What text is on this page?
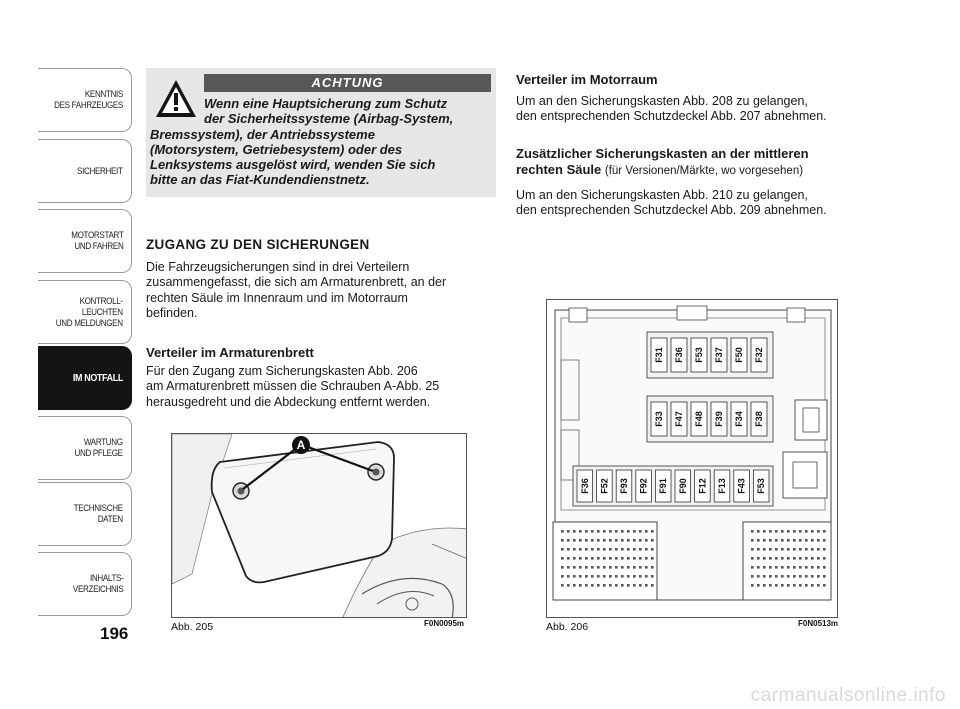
KENNTNIS
DES FAHRZEUGES
SICHERHEIT
MOTORSTART
UND FAHREN
KONTROLL-
LEUCHTEN
UND MELDUNGEN
IM NOTFALL
WARTUNG
UND PFLEGE
TECHNISCHE
DATEN
INHALTS-
VERZEICHNIS
196
ACHTUNG
Wenn eine Hauptsicherung zum Schutz
der Sicherheitssysteme (Airbag-System,
Bremssystem), der Antriebssysteme
(Motorsystem, Getriebesystem) oder des
Lenksystems ausgelöst wird, wenden Sie sich
bitte an das Fiat-Kundendienstnetz.
ZUGANG ZU DEN SICHERUNGEN
Die Fahrzeugsicherungen sind in drei Verteilern
zusammengefasst, die sich am Armaturenbrett, an der
rechten Säule im Innenraum und im Motorraum
befinden.
Verteiler im Armaturenbrett
Für den Zugang zum Sicherungskasten Abb. 206
am Armaturenbrett müssen die Schrauben A-Abb. 25
herausgedreht und die Abdeckung entfernt werden.
Verteiler im Motorraum
Um an den Sicherungskasten Abb. 208 zu gelangen,
den entsprechenden Schutzdeckel Abb. 207 abnehmen.
Zusätzlicher Sicherungskasten an der mittleren
rechten Säule (für Versionen/Märkte, wo vorgesehen)
Um an den Sicherungskasten Abb. 210 zu gelangen,
den entsprechenden Schutzdeckel Abb. 209 abnehmen.
A
Abb. 205	F0N0095m
F31 F36 F53 F37 F50 F32
F33 F47 F48 F39 F34 F38
F36 F52 F93 F92 F91 F90 F12 F13 F43 F53
Abb. 206	F0N0513m
carmanualsonline.info
